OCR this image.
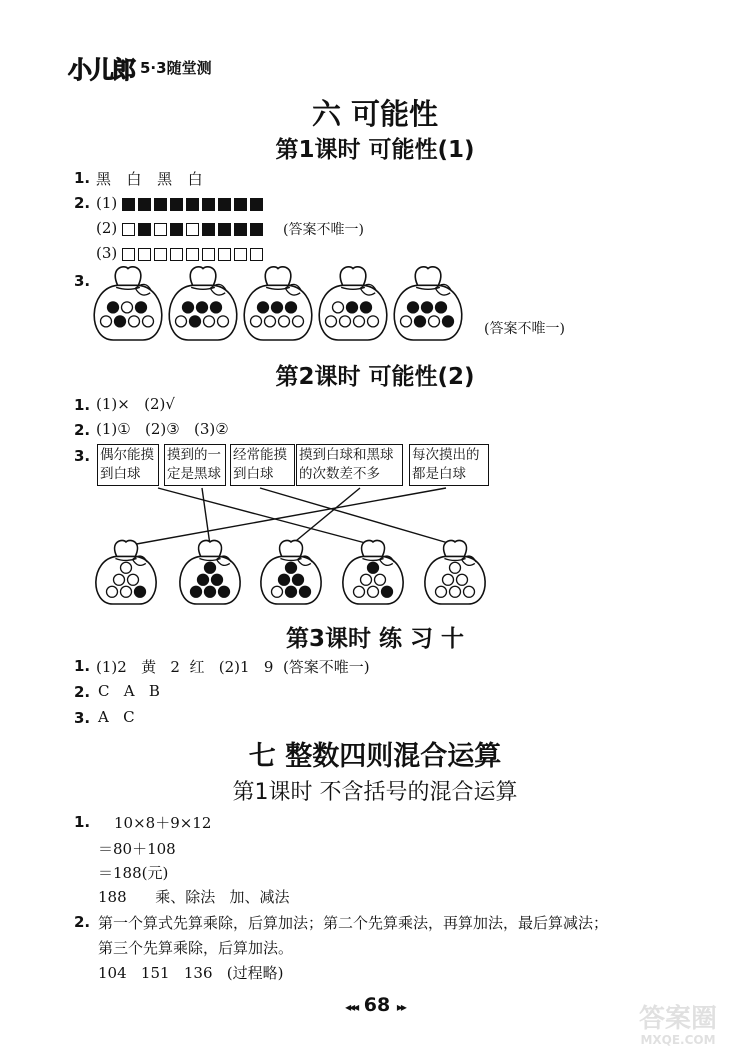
小儿郎 5·3随堂测
六 可能性
第1课时 可能性(1)
1. 黑  白  黑  白
2. (1)
(2)	(答案不唯一)
(3)
3.
(答案不唯一)
第2课时 可能性(2)
1. (1)×   (2)√
2. (1)①   (2)③   (3)②
3. 偶尔能摸
到白球
摸到的一
定是黑球
经常能摸
到白球
摸到白球和黑球
的次数差不多
每次摸出的
都是白球
第3课时 练 习 十
1. (1)2   黄   2  红   (2)1   9  (答案不唯一)
2. C   A   B
3. A   C
七 整数四则混合运算
第1课时 不含括号的混合运算
1. 10×8＋9×12
＝80＋108
＝188(元)
188      乘、除法   加、减法
2. 第一个算式先算乘除，后算加法；第二个先算乘法，再算加法，最后算减法；
第三个先算乘除，后算加法。
104   151   136   (过程略)
◂◂◂ 68 ▸▸	答案圈
MXQE.COM
